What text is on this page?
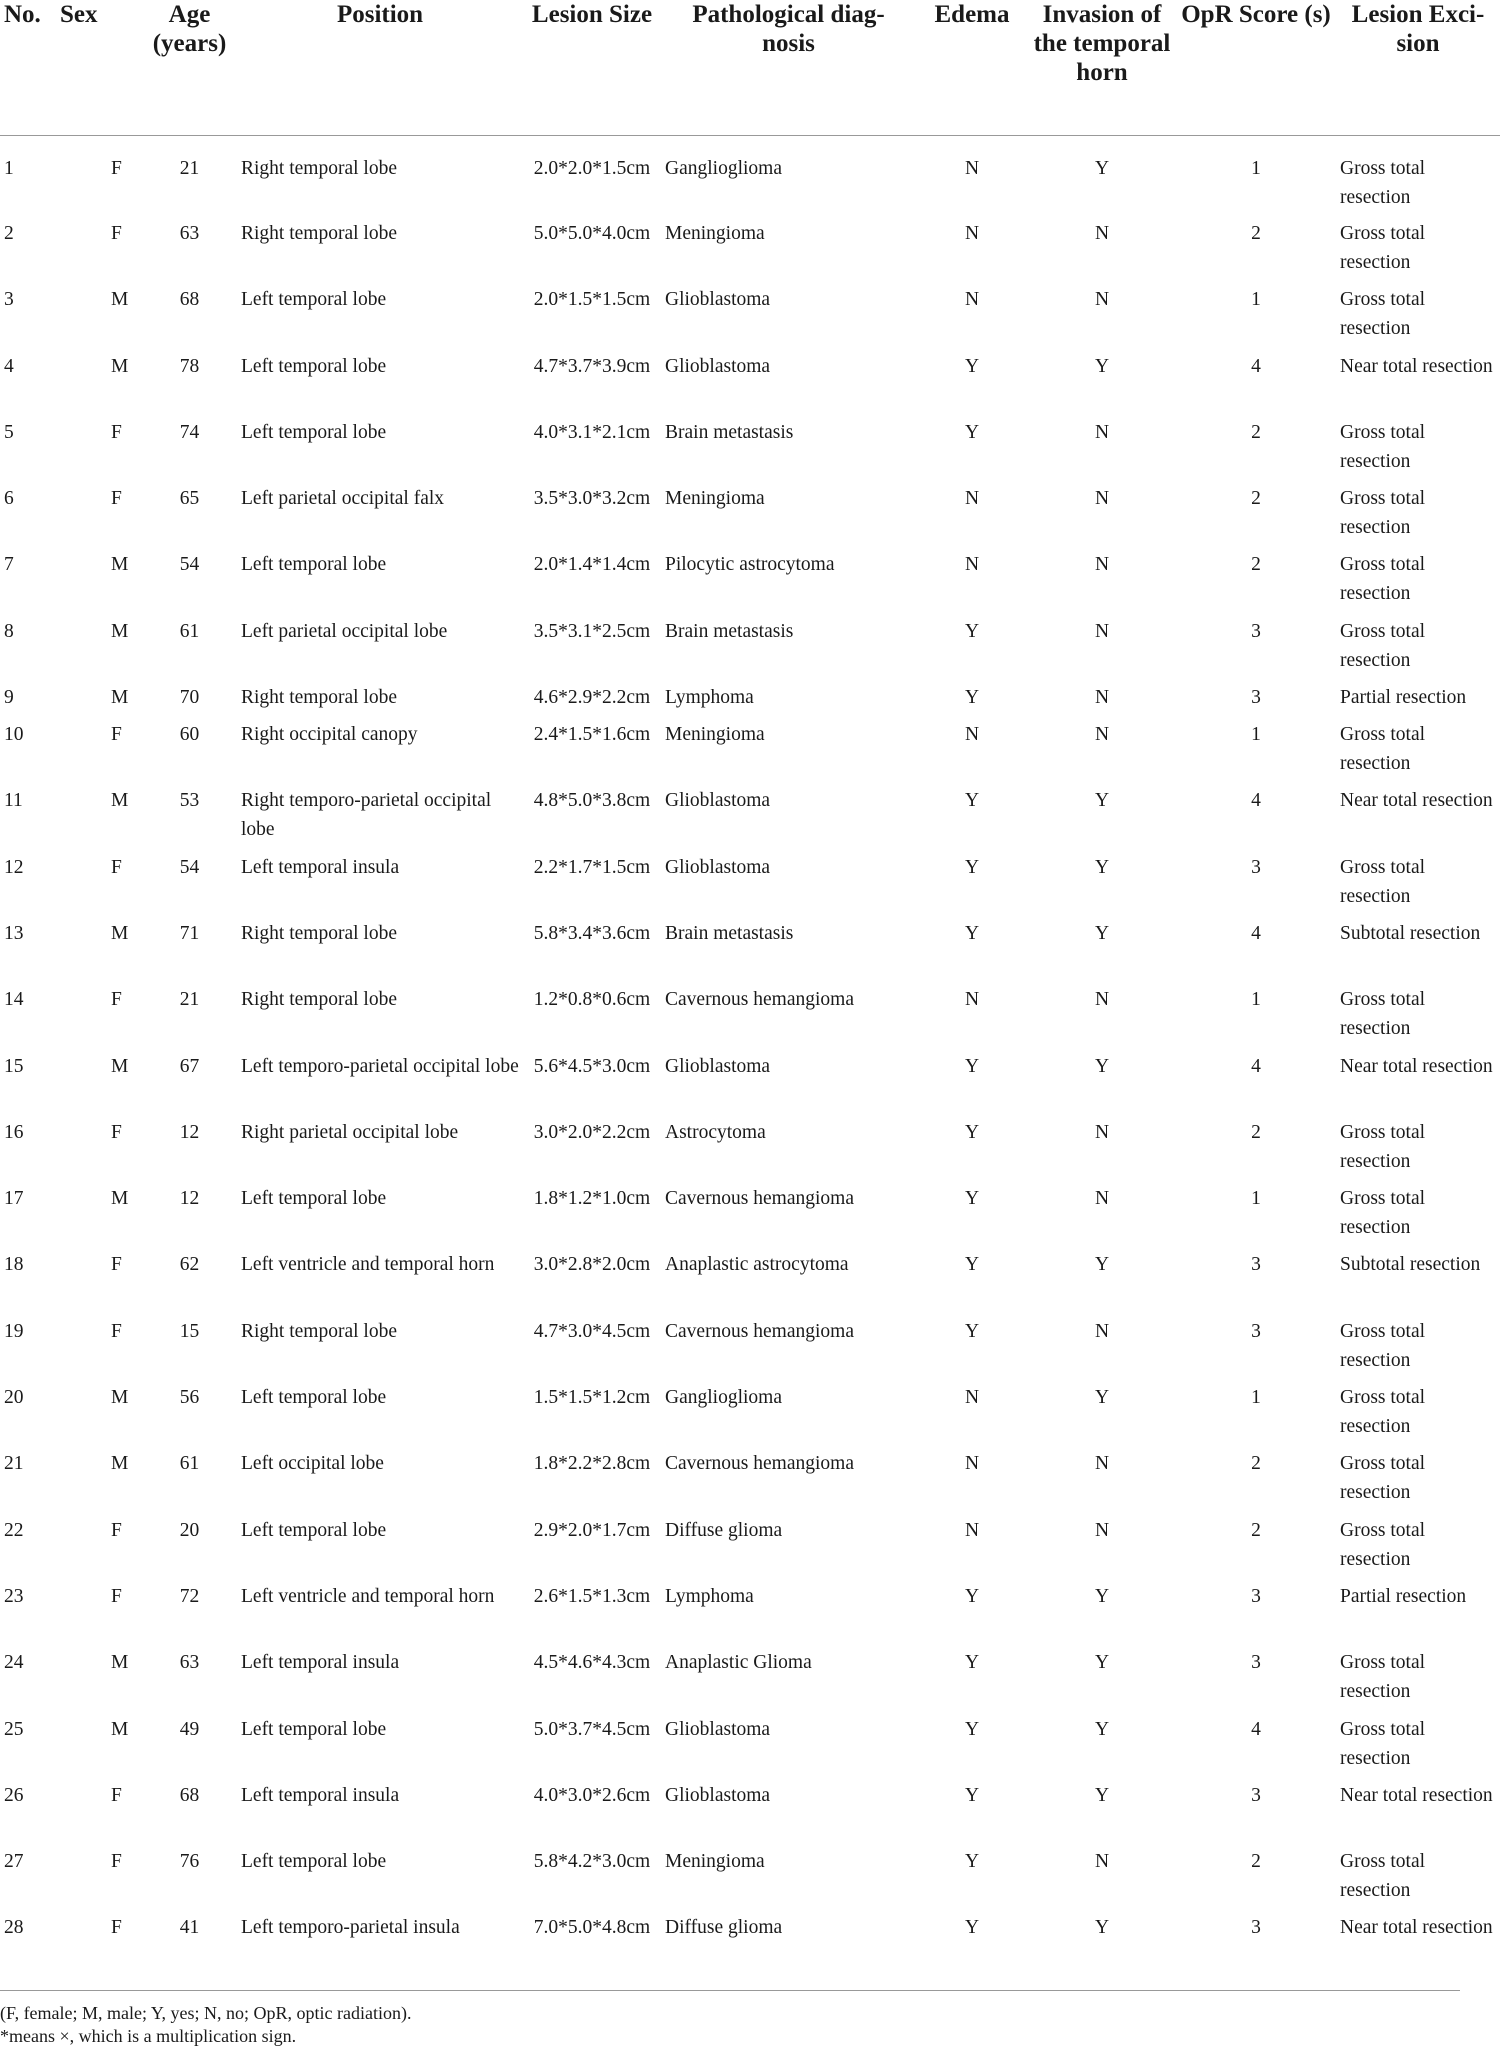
No.	Sex	Age (years)	Position	Lesion Size	Pathological diag- nosis	Edema	Invasion of the temporal horn	OpR Score (s)	Lesion Exci- sion
1	F	21	Right temporal lobe	2.0*2.0*1.5cm	Ganglioglioma	N	Y	1	Gross total resection
2	F	63	Right temporal lobe	5.0*5.0*4.0cm	Meningioma	N	N	2	Gross total resection
3	M	68	Left temporal lobe	2.0*1.5*1.5cm	Glioblastoma	N	N	1	Gross total resection
4	M	78	Left temporal lobe	4.7*3.7*3.9cm	Glioblastoma	Y	Y	4	Near total resection
5	F	74	Left temporal lobe	4.0*3.1*2.1cm	Brain metastasis	Y	N	2	Gross total resection
6	F	65	Left parietal occipital falx	3.5*3.0*3.2cm	Meningioma	N	N	2	Gross total resection
7	M	54	Left temporal lobe	2.0*1.4*1.4cm	Pilocytic astrocytoma	N	N	2	Gross total resection
8	M	61	Left parietal occipital lobe	3.5*3.1*2.5cm	Brain metastasis	Y	N	3	Gross total resection
9	M	70	Right temporal lobe	4.6*2.9*2.2cm	Lymphoma	Y	N	3	Partial resection
10	F	60	Right occipital canopy	2.4*1.5*1.6cm	Meningioma	N	N	1	Gross total resection
11	M	53	Right temporo-parietal occipital lobe	4.8*5.0*3.8cm	Glioblastoma	Y	Y	4	Near total resection
12	F	54	Left temporal insula	2.2*1.7*1.5cm	Glioblastoma	Y	Y	3	Gross total resection
13	M	71	Right temporal lobe	5.8*3.4*3.6cm	Brain metastasis	Y	Y	4	Subtotal resection
14	F	21	Right temporal lobe	1.2*0.8*0.6cm	Cavernous hemangioma	N	N	1	Gross total resection
15	M	67	Left temporo-parietal occipital lobe	5.6*4.5*3.0cm	Glioblastoma	Y	Y	4	Near total resection
16	F	12	Right parietal occipital lobe	3.0*2.0*2.2cm	Astrocytoma	Y	N	2	Gross total resection
17	M	12	Left temporal lobe	1.8*1.2*1.0cm	Cavernous hemangioma	Y	N	1	Gross total resection
18	F	62	Left ventricle and temporal horn	3.0*2.8*2.0cm	Anaplastic astrocytoma	Y	Y	3	Subtotal resection
19	F	15	Right temporal lobe	4.7*3.0*4.5cm	Cavernous hemangioma	Y	N	3	Gross total resection
20	M	56	Left temporal lobe	1.5*1.5*1.2cm	Ganglioglioma	N	Y	1	Gross total resection
21	M	61	Left occipital lobe	1.8*2.2*2.8cm	Cavernous hemangioma	N	N	2	Gross total resection
22	F	20	Left temporal lobe	2.9*2.0*1.7cm	Diffuse glioma	N	N	2	Gross total resection
23	F	72	Left ventricle and temporal horn	2.6*1.5*1.3cm	Lymphoma	Y	Y	3	Partial resection
24	M	63	Left temporal insula	4.5*4.6*4.3cm	Anaplastic Glioma	Y	Y	3	Gross total resection
25	M	49	Left temporal lobe	5.0*3.7*4.5cm	Glioblastoma	Y	Y	4	Gross total resection
26	F	68	Left temporal insula	4.0*3.0*2.6cm	Glioblastoma	Y	Y	3	Near total resection
27	F	76	Left temporal lobe	5.8*4.2*3.0cm	Meningioma	Y	N	2	Gross total resection
28	F	41	Left temporo-parietal insula	7.0*5.0*4.8cm	Diffuse glioma	Y	Y	3	Near total resection
(F, female; M, male; Y, yes; N, no; OpR, optic radiation).
*means ×, which is a multiplication sign.
